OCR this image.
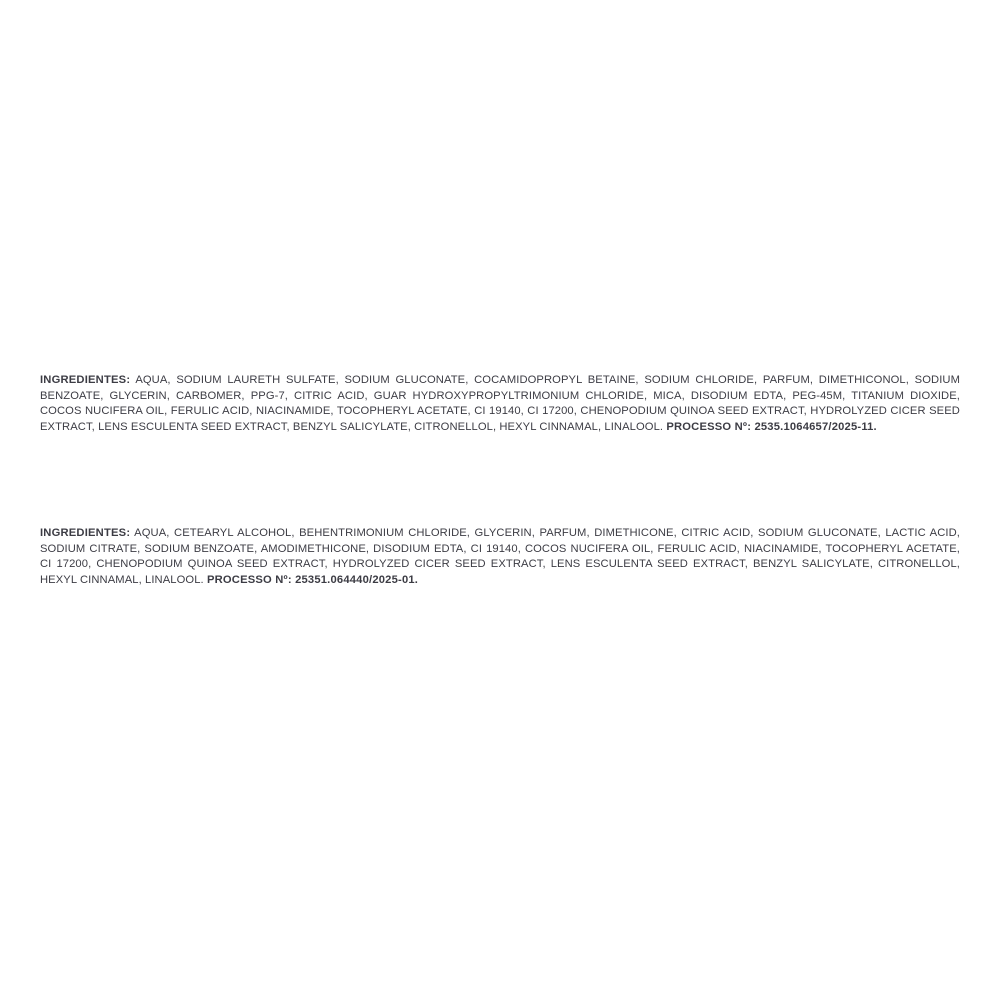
INGREDIENTES: AQUA, SODIUM LAURETH SULFATE, SODIUM GLUCONATE, COCAMIDOPROPYL BETAINE, SODIUM CHLORIDE, PARFUM, DIMETHICONOL, SODIUM BENZOATE, GLYCERIN, CARBOMER, PPG-7, CITRIC ACID, GUAR HYDROXYPROPYLTRIMONIUM CHLORIDE, MICA, DISODIUM EDTA, PEG-45M, TITANIUM DIOXIDE, COCOS NUCIFERA OIL, FERULIC ACID, NIACINAMIDE, TOCOPHERYL ACETATE, CI 19140, CI 17200, CHENOPODIUM QUINOA SEED EXTRACT, HYDROLYZED CICER SEED EXTRACT, LENS ESCULENTA SEED EXTRACT, BENZYL SALICYLATE, CITRONELLOL, HEXYL CINNAMAL, LINALOOL. PROCESSO Nº: 2535.1064657/2025-11.

INGREDIENTES: AQUA, CETEARYL ALCOHOL, BEHENTRIMONIUM CHLORIDE, GLYCERIN, PARFUM, DIMETHICONE, CITRIC ACID, SODIUM GLUCONATE, LACTIC ACID, SODIUM CITRATE, SODIUM BENZOATE, AMODIMETHICONE, DISODIUM EDTA, CI 19140, COCOS NUCIFERA OIL, FERULIC ACID, NIACINAMIDE, TOCOPHERYL ACETATE, CI 17200, CHENOPODIUM QUINOA SEED EXTRACT, HYDROLYZED CICER SEED EXTRACT, LENS ESCULENTA SEED EXTRACT, BENZYL SALICYLATE, CITRONELLOL, HEXYL CINNAMAL, LINALOOL. PROCESSO Nº: 25351.064440/2025-01.
